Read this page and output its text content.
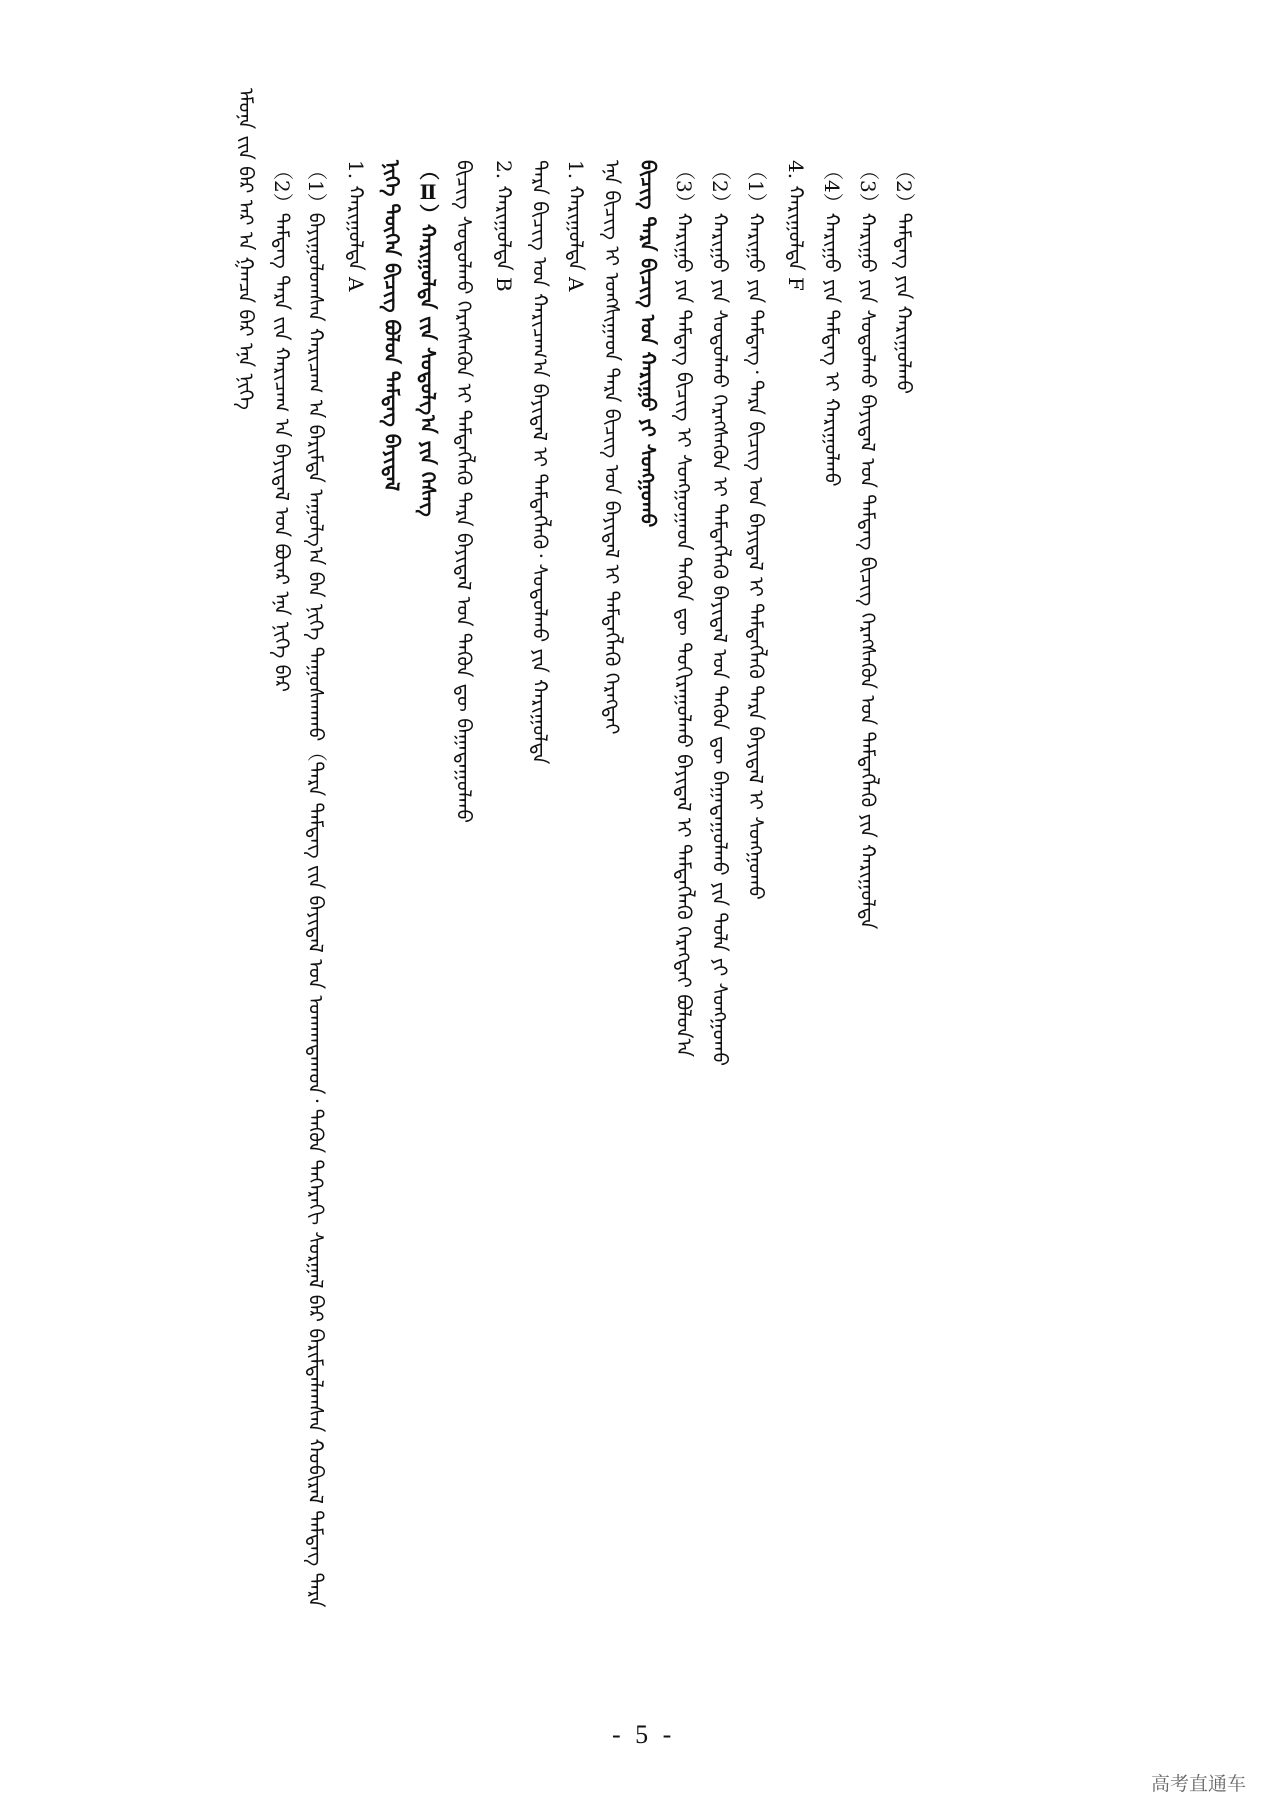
ᠡᠮᠦᠨᠡ ᠵᠢᠨ ᠪᠠᠷ ᠠᠷ ᠠ ᠭᠠᠨᠴᠠ ᠪᠡᠷ ᠡᠨᠡ ᠨᠢᠭᠡ （2）ᠲᠡᠮᠳᠡᠭ ᠲᠡᠷᠡ ᠵᠢᠨ ᠬᠠᠷᠢᠴᠠᠭ ᠠ ᠪᠠᠶᠢᠳᠠᠯ ᠤᠨ ᠪᠤᠶ᠋ᠠᠷ ᠡᠨᠡ ᠨᠢᠭᠡ ᠪᠠᠷ （1）ᠪᠠᠶᠢᠭᠤᠯᠤᠭᠰᠠᠨ ᠬᠠᠷᠢᠴᠠᠭ ᠠ ᠪᠠᠷᠢᠮᠲᠠ ᠠᠭᠤᠯᠭ᠎ᠠ ᠪᠠᠨ ᠨᠢᠭᠡ ᠳᠠᠭᠤᠰᠬᠠᠬᠤ（ᠲᠡᠷᠡ ᠲᠡᠮᠳᠡᠭ ᠵᠢᠨ ᠪᠠᠶᠢᠳᠠᠯ ᠤᠨ ᠤᠬᠠᠭᠳᠠᠬᠤᠨ᠂ ᠲᠡᠭᠦᠨ ᠳᠡᠭᠡᠷᠡᠬᠢ ᠰᠤᠷᠭᠠᠯ ᠪᠡᠷ ᠪᠠᠷᠢᠮᠲᠠᠯᠠᠭᠰᠠᠨ ᠬᠤᠪᠢᠷᠠᠯ ᠲᠡᠮᠳᠡᠭ ᠲᠡᠷᠡ 1. ᠬᠠᠷᠢᠭᠤᠯᠲᠠ A ᠨᠢᠭᠡ ᠲᠦᠬᠡᠨ ᠪᠢᠴᠢᠭ ᠪᠤᠯᠤᠨ ᠲᠡᠮᠳᠡᠭ ᠪᠠᠶᠢᠳᠠᠯ （Ⅱ）ᠬᠠᠷᠢᠭᠤᠯᠲᠠ ᠵᠢᠨ ᠰᠤᠳᠤᠯᠭ᠎ᠠ ᠶᠢᠨ ᠬᠡᠰᠡᠭ ᠪᠢᠴᠢᠭ ᠰᠤᠳᠤᠯᠬᠤ ᠬᠡᠷᠡᠭᠰᠡᠬᠦᠨ ᠢ ᠲᠡᠮᠳᠡᠭᠯᠡᠬᠦ ᠲᠡᠷᠡ ᠪᠠᠶᠢᠳᠠᠯ ᠤᠨ ᠲᠡᠭᠦᠨ ᠳᠦ ᠪᠠᠭᠠᠲᠠᠭᠤᠯᠬᠤ 2. ᠬᠠᠷᠢᠭᠤᠯᠲᠠ B ᠲᠡᠷᠡ ᠪᠢᠴᠢᠭ ᠤᠨ ᠬᠠᠷᠢᠴᠠᠭ᠎ᠠ ᠪᠠᠶᠢᠳᠠᠯ ᠢ ᠲᠡᠮᠳᠡᠭᠯᠡᠬᠦ᠂ ᠰᠤᠳᠤᠯᠬᠤ ᠶᠢᠨ ᠬᠠᠷᠢᠭᠤᠯᠲᠠ 1. ᠬᠠᠷᠢᠭᠤᠯᠲᠠ A ᠡᠨᠡ ᠪᠢᠴᠢᠭ ᠢ ᠤᠩᠰᠢᠭᠠᠳ ᠲᠡᠷᠡ ᠪᠢᠴᠢᠭ ᠤᠨ ᠪᠠᠶᠢᠳᠠᠯ ᠢ ᠲᠡᠮᠳᠡᠭᠯᠡᠬᠦ ᠬᠡᠷᠡᠭᠲᠡᠢ ᠪᠢᠴᠢᠭ ᠲᠡᠷᠡ ᠪᠢᠴᠢᠭ ᠤᠨ ᠬᠠᠷᠢᠭᠤ ᠶᠢ ᠰᠣᠩᠭᠣᠬᠤ （3）ᠬᠠᠷᠢᠭᠤ ᠶᠢᠨ ᠲᠡᠮᠳᠡᠭ ᠪᠢᠴᠢᠭ ᠢ ᠰᠣᠩᠭᠣᠭᠠᠳ ᠲᠡᠭᠦᠨ ᠳᠦ ᠲᠣᠬᠢᠷᠠᠭᠤᠯᠬᠤ ᠪᠠᠶᠢᠳᠠᠯ ᠢ ᠲᠡᠮᠳᠡᠭᠯᠡᠬᠦ ᠬᠡᠷᠡᠭᠲᠡᠢ ᠪᠤᠯᠤᠨ᠎ᠠ （2）ᠬᠠᠷᠢᠭᠤ ᠶᠢᠨ ᠰᠤᠳᠤᠯᠬᠤ ᠬᠡᠷᠡᠭᠰᠡᠬᠦᠨ ᠢ ᠲᠡᠮᠳᠡᠭᠯᠡᠬᠦ ᠪᠠᠶᠢᠳᠠᠯ ᠤᠨ ᠲᠡᠭᠦᠨ ᠳᠦ ᠪᠠᠭᠠᠲᠠᠭᠤᠯᠬᠤ ᠶᠢᠨ ᠲᠤᠯᠠ ᠶᠢ ᠰᠣᠩᠭᠣᠬᠤ （1）ᠬᠠᠷᠢᠭᠤ ᠶᠢᠨ ᠲᠡᠮᠳᠡᠭ᠂ ᠲᠡᠷᠡ ᠪᠢᠴᠢᠭ ᠤᠨ ᠪᠠᠶᠢᠳᠠᠯ ᠢ ᠲᠡᠮᠳᠡᠭᠯᠡᠬᠦ ᠲᠡᠷᠡ ᠪᠠᠶᠢᠳᠠᠯ ᠢ ᠰᠣᠩᠭᠣᠬᠤ 4. ᠬᠠᠷᠢᠭᠤᠯᠲᠠ F （4）ᠬᠠᠷᠢᠭᠤ ᠶᠢᠨ ᠲᠡᠮᠳᠡᠭ ᠢ ᠬᠠᠷᠢᠭᠤᠯᠬᠤ （3）ᠬᠠᠷᠢᠭᠤ ᠶᠢᠨ ᠰᠤᠳᠤᠯᠬᠤ ᠪᠠᠶᠢᠳᠠᠯ ᠤᠨ ᠲᠡᠮᠳᠡᠭ ᠪᠢᠴᠢᠭ ᠬᠡᠷᠡᠭᠰᠡᠬᠦᠨ ᠤᠨ ᠲᠡᠮᠳᠡᠭᠯᠡᠬᠦ ᠶᠢᠨ ᠬᠠᠷᠢᠭᠤᠯᠲᠠ （2）ᠲᠡᠮᠳᠡᠭ ᠶᠢᠨ ᠬᠠᠷᠢᠭᠤᠯᠬᠤ
- 5 -
高考直通车
